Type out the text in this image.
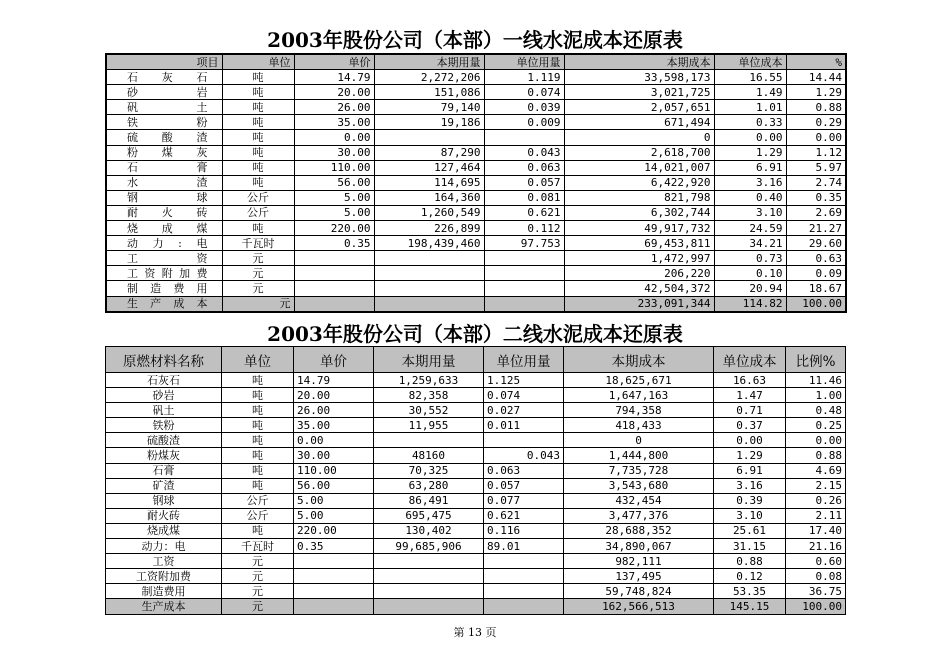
2003年股份公司（本部）一线水泥成本还原表
项目	单位	单价	本期用量	单位用量	本期成本	单位成本	%
石灰石	吨	14.79	2,272,206	1.119	33,598,173	16.55	14.44
砂岩	吨	20.00	151,086	0.074	3,021,725	1.49	1.29
矾土	吨	26.00	79,140	0.039	2,057,651	1.01	0.88
铁粉	吨	35.00	19,186	0.009	671,494	0.33	0.29
硫酸渣	吨	0.00			0	0.00	0.00
粉煤灰	吨	30.00	87,290	0.043	2,618,700	1.29	1.12
石膏	吨	110.00	127,464	0.063	14,021,007	6.91	5.97
水渣	吨	56.00	114,695	0.057	6,422,920	3.16	2.74
钢球	公斤	5.00	164,360	0.081	821,798	0.40	0.35
耐火砖	公斤	5.00	1,260,549	0.621	6,302,744	3.10	2.69
烧成煤	吨	220.00	226,899	0.112	49,917,732	24.59	21.27
动力:电	千瓦时	0.35	198,439,460	97.753	69,453,811	34.21	29.60
工资	元				1,472,997	0.73	0.63
工资附加费	元				206,220	0.10	0.09
制造费用	元				42,504,372	20.94	18.67
生产成本	元				233,091,344	114.82	100.00
2003年股份公司（本部）二线水泥成本还原表
原燃材料名称	单位	单价	本期用量	单位用量	本期成本	单位成本	比例%
石灰石	吨	14.79	1,259,633	1.125	18,625,671	16.63	11.46
砂岩	吨	20.00	82,358	0.074	1,647,163	1.47	1.00
矾土	吨	26.00	30,552	0.027	794,358	0.71	0.48
铁粉	吨	35.00	11,955	0.011	418,433	0.37	0.25
硫酸渣	吨	0.00			0	0.00	0.00
粉煤灰	吨	30.00	48160	0.043	1,444,800	1.29	0.88
石膏	吨	110.00	70,325	0.063	7,735,728	6.91	4.69
矿渣	吨	56.00	63,280	0.057	3,543,680	3.16	2.15
钢球	公斤	5.00	86,491	0.077	432,454	0.39	0.26
耐火砖	公斤	5.00	695,475	0.621	3,477,376	3.10	2.11
烧成煤	吨	220.00	130,402	0.116	28,688,352	25.61	17.40
动力：电	千瓦时	0.35	99,685,906	89.01	34,890,067	31.15	21.16
工资	元				982,111	0.88	0.60
工资附加费	元				137,495	0.12	0.08
制造费用	元				59,748,824	53.35	36.75
生产成本	元				162,566,513	145.15	100.00
第 13 页
